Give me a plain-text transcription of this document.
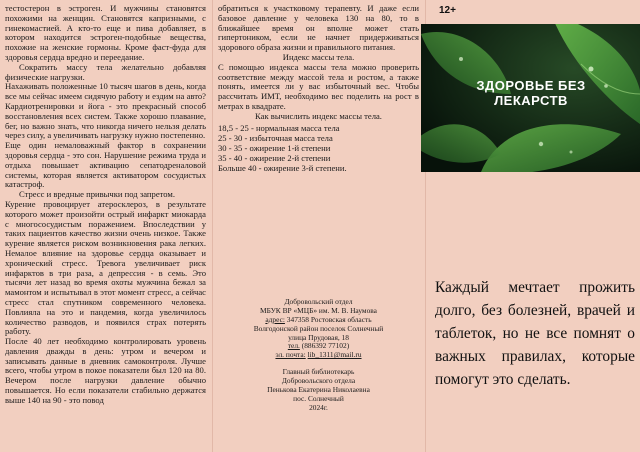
тестостерон в эстроген. И мужчины становятся похожими на женщин. Становятся капризными, с гинекомастией. А кто-то еще и пива добавляет, в котором находится эстроген-подобные вещества, похожие на женские гормоны. Кроме фаст-фуда для здоровья сердца вредно и переедание.

Сократить массу тела желательно добавляя физические нагрузки.

Нахаживать положенные 10 тысяч шагов в день, когда все мы сейчас имеем сидячую работу и ездим на авто? Кардиотренировки и йога - это прекрасный способ восстановления всех систем. Также хорошо плавание, бег, но важно знать, что никогда ничего нельзя делать через силу, а увеличивать нагрузку нужно постепенно.

Еще один немаловажный фактор в сохранении здоровья сердца - это сон. Нарушение режима труда и отдыха повышает активацию сепатодреналовой системы, которая является активатором сосудистых катастроф.

Стресс и вредные привычки под запретом.

Курение провоцирует атеросклероз, в результате которого может произойти острый инфаркт миокарда с многососудистым поражением. Впоследствии у таких пациентов качество жизни очень низкое. Также курение является риском возникновения рака легких. Немалое влияние на здоровье сердца оказывает и хронический стресс. Тревога увеличивает риск инфарктов в три раза, а депрессия - в семь. Это тысячи лет назад во время охоты мужчина бежал за мамонтом и испытывал в этот момент стресс, а сейчас стресс стал спутником современного человека. Повлияла на это и пандемия, когда увеличилось количество разводов, и появился страх потерять работу.

После 40 лет необходимо контролировать уровень давления дважды в день: утром и вечером и записывать данные в дневник самоконтроля. Лучше всего, чтобы утром в покое показатели был 120 на 80. Вечером после нагрузки давление обычно повышается. Но если показатели стабильно держатся выше 140 на 90 - это повод

обратиться к участковому терапевту. И даже если базовое давление у человека 130 на 80, то в ближайшее время он вполне может стать гипертоником, если не начнет придерживаться здорового образа жизни и правильного питания.

Индекс массы тела.

С помощью индекса массы тела можно проверить соответствие между массой тела и ростом, а также понять, имеется ли у вас избыточный вес. Чтобы рассчитать ИМТ, необходимо вес поделить на рост в метрах в квадрате.

Как вычислить индекс массы тела.

18,5 - 25 - нормальная масса тела
25 - 30 - избыточная масса тела
30 - 35 - ожирение 1-й степени
35 - 40 - ожирение 2-й степени
Больше 40 - ожирение 3-й степени.
Добровольский отдел
МБУК ВР «МЦБ» им. М. В. Наумова
адрес: 347358 Ростовская область
Волгодонской район поселок Солнечный
улица Прудовая, 18
тел. (886392 77102)
эл. почта: lib_1311@mail.ru
Главный библиотекарь
Добровольского отдела
Пенькова Екатерина Николаевна
пос. Солнечный
2024г.
12+
ЗДОРОВЬЕ БЕЗ
ЛЕКАРСТВ
Каждый мечтает прожить долго, без болезней, врачей и таблеток, но не все помнят о важных правилах, которые помогут это сделать.
